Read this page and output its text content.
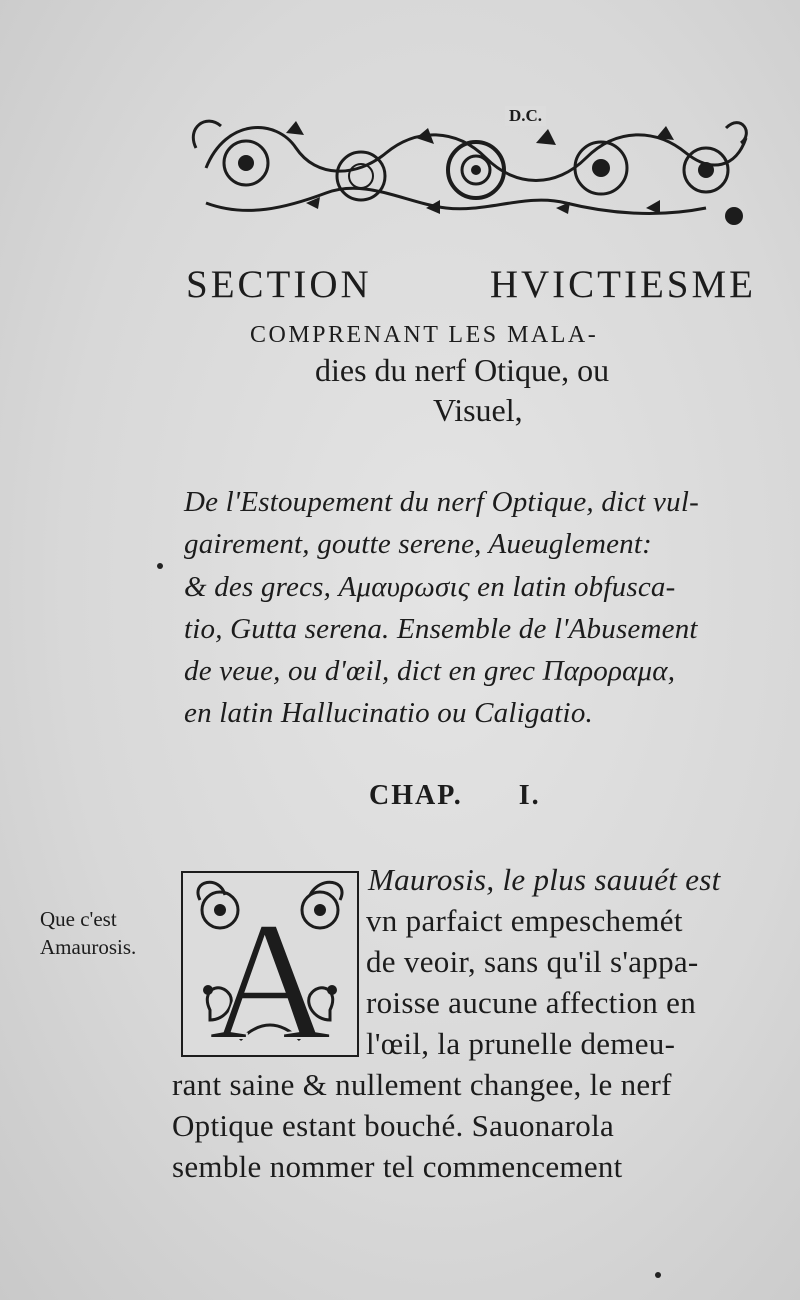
D.C.
SECTION HVICTIESME
COMPRENANT LES MALA-
dies du nerf Otique, ou
Visuel,
De l'Estoupement du nerf Optique, dict vul-
gairement, goutte serene, Aueuglement:
& des grecs, Αμαυρωσις en latin obfusca-
tio, Gutta serena. Ensemble de l'Abusement
de veue, ou d'œil, dict en grec Παροραμα,
en latin Hallucinatio ou Caligatio.
CHAP. I.
Que c'est
Amaurosis. A
Maurosis, le plus sauuét est
vn parfaict empeschemét
de veoir, sans qu'il s'appa-
roisse aucune affection en
l'œil, la prunelle demeu-
rant saine & nullement changee, le nerf
Optique estant bouché. Sauonarola
semble nommer tel commencement
